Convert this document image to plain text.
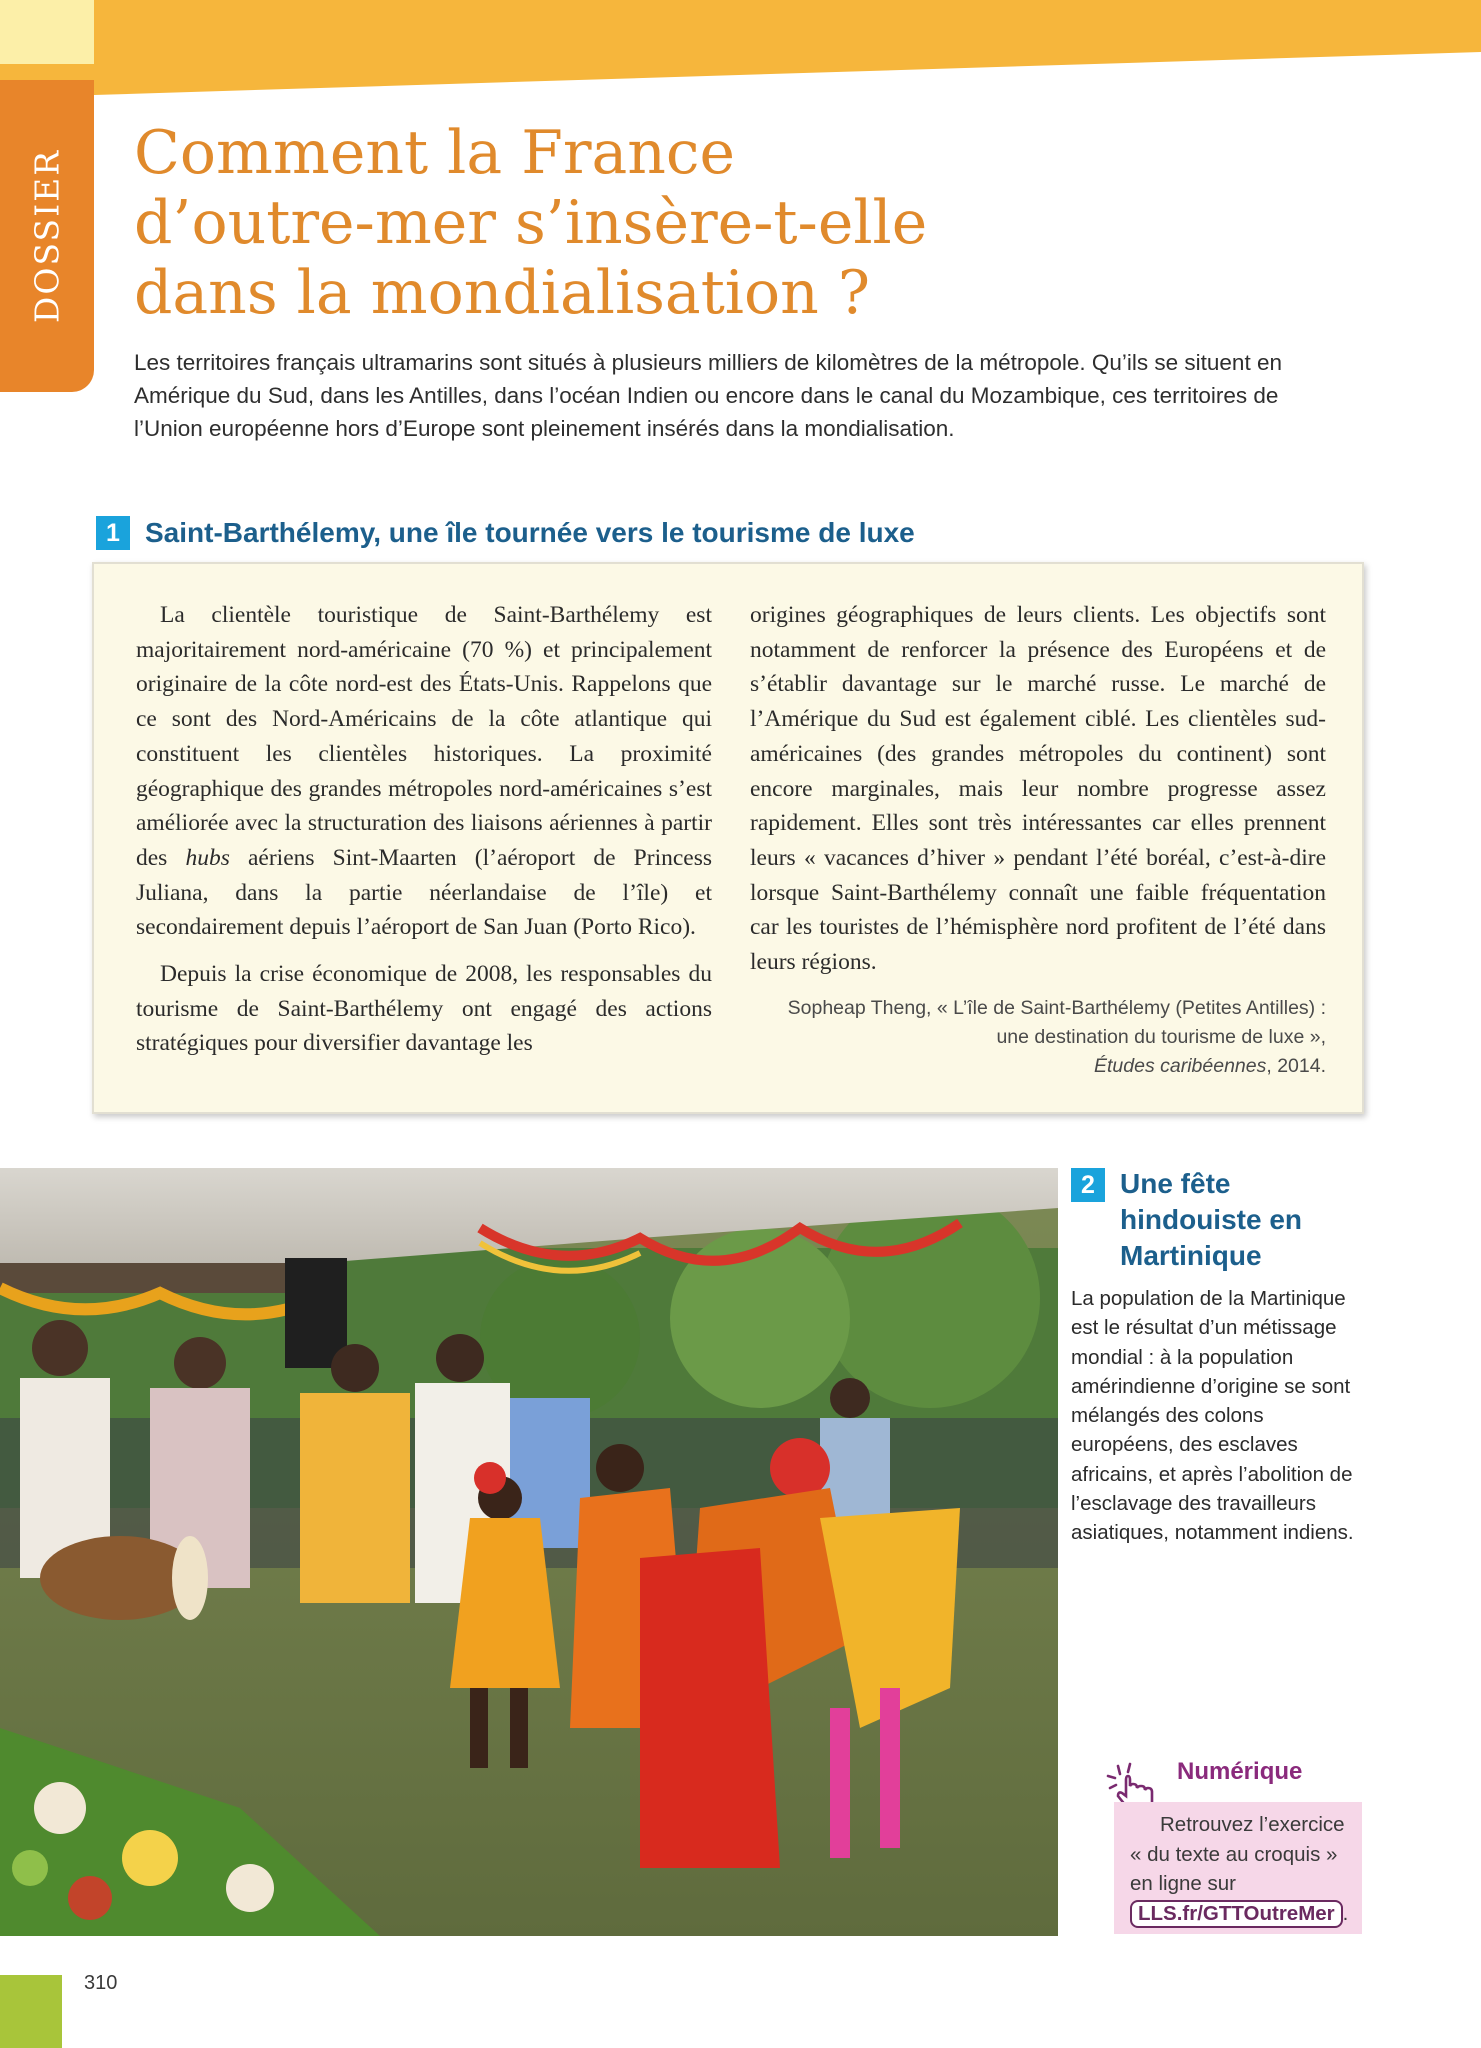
DOSSIER Comment la France
d’outre-mer s’insère-t-elle
dans la mondialisation ?

Les territoires français ultramarins sont situés à plusieurs milliers de kilomètres de la métropole. Qu’ils se situent en Amérique du Sud, dans les Antilles, dans l’océan Indien ou encore dans le canal du Mozambique, ces territoires de l’Union européenne hors d’Europe sont pleinement insérés dans la mondialisation.

1 Saint-Barthélemy, une île tournée vers le tourisme de luxe

La clientèle touristique de Saint-Barthélemy est majoritairement nord-américaine (70 %) et principalement originaire de la côte nord-est des États-Unis. Rappelons que ce sont des Nord-Américains de la côte atlantique qui constituent les clientèles historiques. La proximité géographique des grandes métropoles nord-américaines s’est améliorée avec la structuration des liaisons aériennes à partir des hubs aériens Sint-Maarten (l’aéroport de Princess Juliana, dans la partie néerlandaise de l’île) et secondairement depuis l’aéroport de San Juan (Porto Rico).

Depuis la crise économique de 2008, les responsables du tourisme de Saint-Barthélemy ont engagé des actions stratégiques pour diversifier davantage les

origines géographiques de leurs clients. Les objectifs sont notamment de renforcer la présence des Européens et de s’établir davantage sur le marché russe. Le marché de l’Amérique du Sud est également ciblé. Les clientèles sud-américaines (des grandes métropoles du continent) sont encore marginales, mais leur nombre progresse assez rapidement. Elles sont très intéressantes car elles prennent leurs « vacances d’hiver » pendant l’été boréal, c’est-à-dire lorsque Saint-Barthélemy connaît une faible fréquentation car les touristes de l’hémisphère nord profitent de l’été dans leurs régions.

Sopheap Theng, « L’île de Saint-Barthélemy (Petites Antilles) :
une destination du tourisme de luxe »,
Études caribéennes, 2014.

2 Une fête hindouiste en Martinique

La population de la Martinique est le résultat d’un métissage mondial : à la population amérindienne d’origine se sont mélangés des colons européens, des esclaves africains, et après l’abolition de l’esclavage des travailleurs asiatiques, notamment indiens.

Numérique

Retrouvez l’exercice « du texte au croquis » en ligne sur LLS.fr/GTTOutreMer .
310
